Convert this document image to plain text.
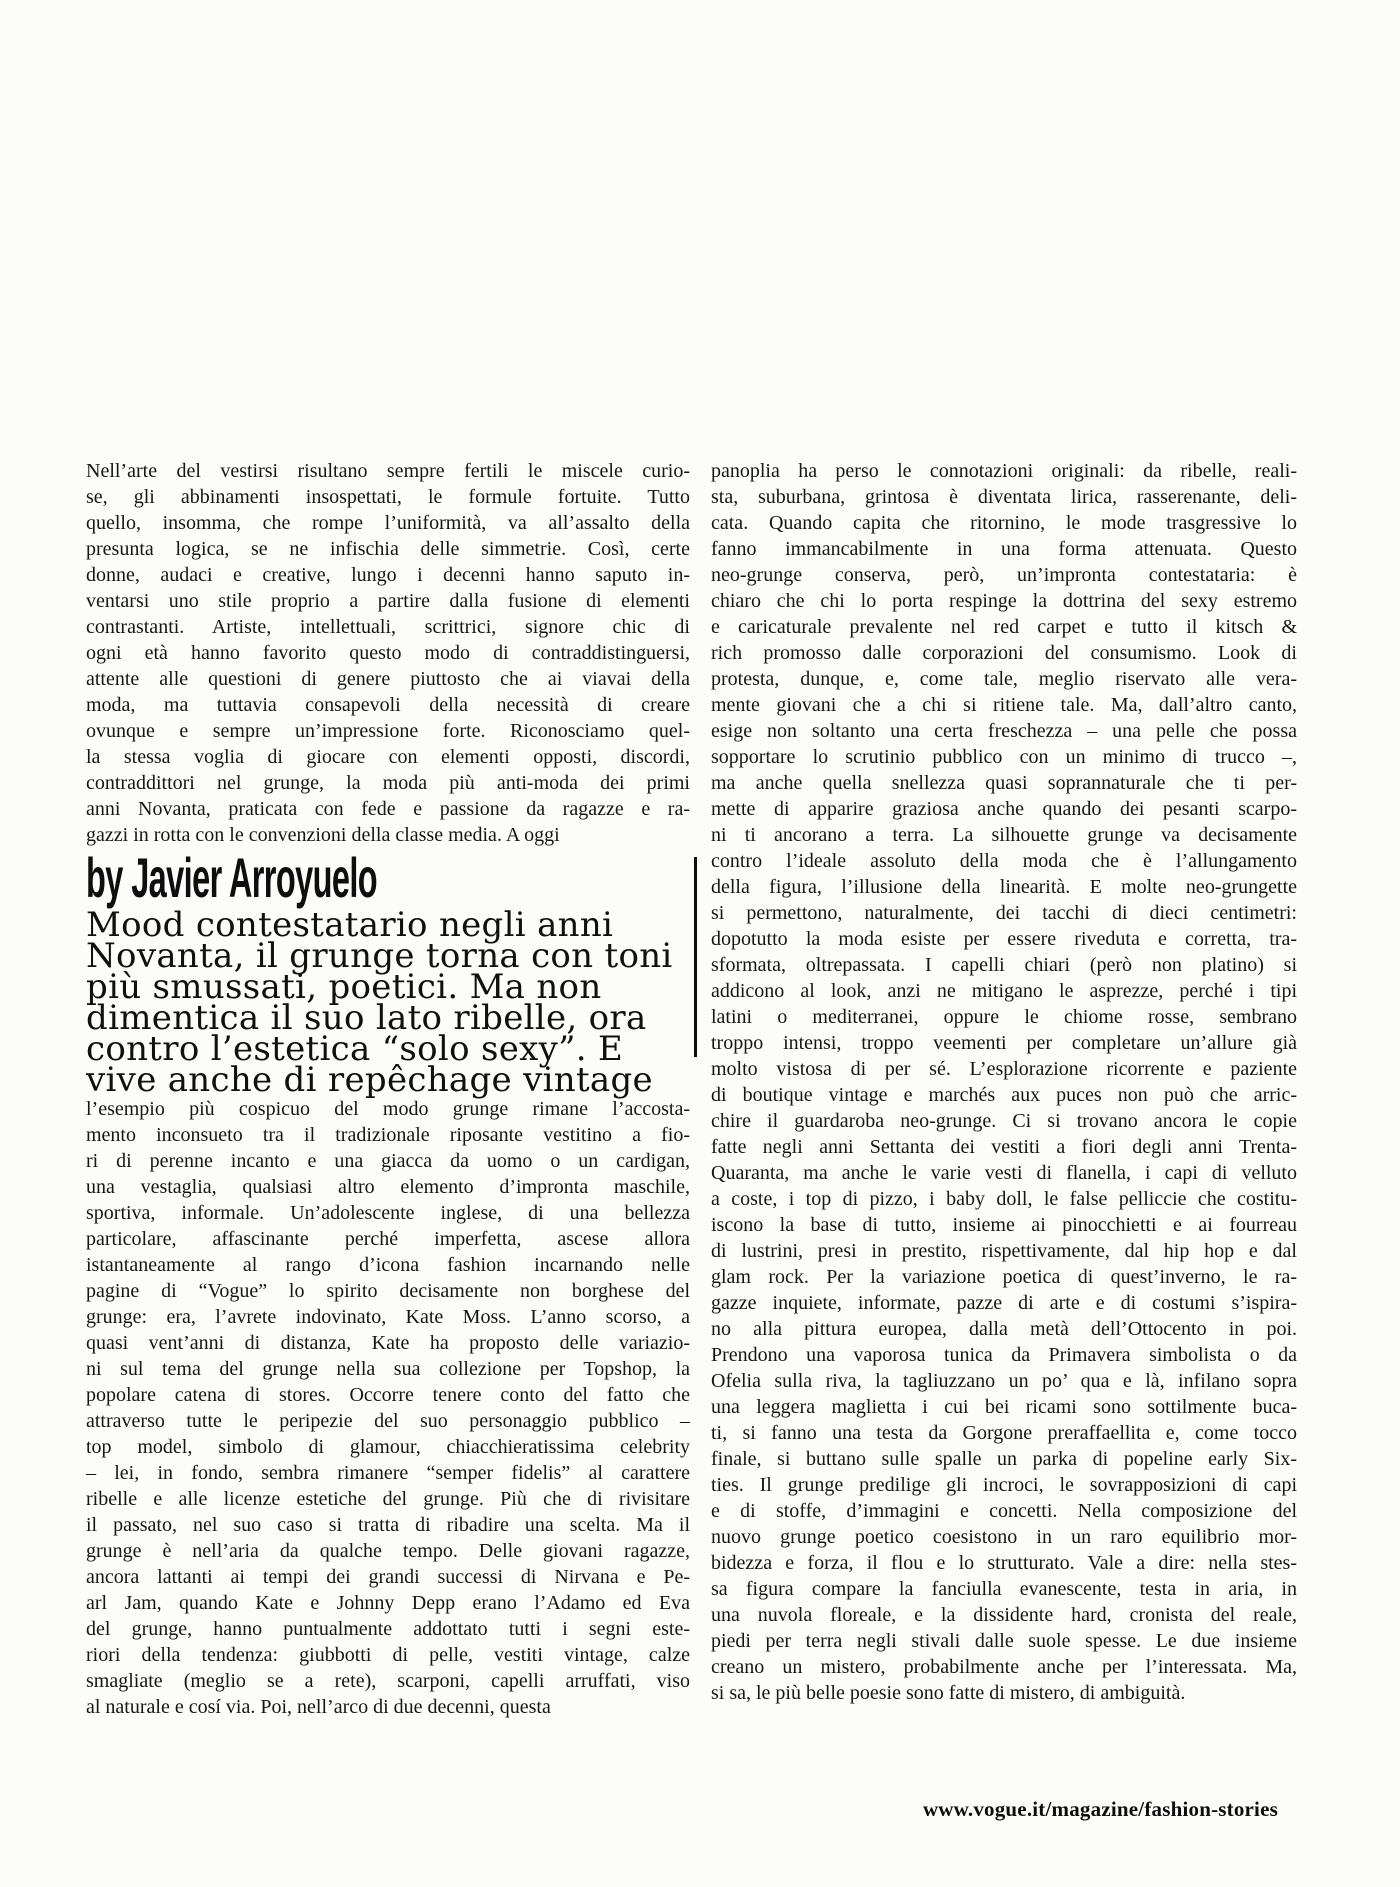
Nell’arte del vestirsi risultano sempre fertili le miscele curio-
se, gli abbinamenti insospettati, le formule fortuite. Tutto
quello, insomma, che rompe l’uniformità, va all’assalto della
presunta logica, se ne infischia delle simmetrie. Così, certe
donne, audaci e creative, lungo i decenni hanno saputo in-
ventarsi uno stile proprio a partire dalla fusione di elementi
contrastanti. Artiste, intellettuali, scrittrici, signore chic di
ogni età hanno favorito questo modo di contraddistinguersi,
attente alle questioni di genere piuttosto che ai viavai della
moda, ma tuttavia consapevoli della necessità di creare
ovunque e sempre un’impressione forte. Riconosciamo quel-
la stessa voglia di giocare con elementi opposti, discordi,
contraddittori nel grunge, la moda più anti-moda dei primi
anni Novanta, praticata con fede e passione da ragazze e ra-
gazzi in rotta con le convenzioni della classe media. A oggi
by Javier Arroyuelo
Mood contestatario negli anni
Novanta, il grunge torna con toni
più smussati, poetici. Ma non
dimentica il suo lato ribelle, ora
contro l’estetica “solo sexy”. E
vive anche di repêchage vintage
l’esempio più cospicuo del modo grunge rimane l’accosta-
mento inconsueto tra il tradizionale riposante vestitino a fio-
ri di perenne incanto e una giacca da uomo o un cardigan,
una vestaglia, qualsiasi altro elemento d’impronta maschile,
sportiva, informale. Un’adolescente inglese, di una bellezza
particolare, affascinante perché imperfetta, ascese allora
istantaneamente al rango d’icona fashion incarnando nelle
pagine di “Vogue” lo spirito decisamente non borghese del
grunge: era, l’avrete indovinato, Kate Moss. L’anno scorso, a
quasi vent’anni di distanza, Kate ha proposto delle variazio-
ni sul tema del grunge nella sua collezione per Topshop, la
popolare catena di stores. Occorre tenere conto del fatto che
attraverso tutte le peripezie del suo personaggio pubblico –
top model, simbolo di glamour, chiacchieratissima celebrity
– lei, in fondo, sembra rimanere “semper fidelis” al carattere
ribelle e alle licenze estetiche del grunge. Più che di rivisitare
il passato, nel suo caso si tratta di ribadire una scelta. Ma il
grunge è nell’aria da qualche tempo. Delle giovani ragazze,
ancora lattanti ai tempi dei grandi successi di Nirvana e Pe-
arl Jam, quando Kate e Johnny Depp erano l’Adamo ed Eva
del grunge, hanno puntualmente addottato tutti i segni este-
riori della tendenza: giubbotti di pelle, vestiti vintage, calze
smagliate (meglio se a rete), scarponi, capelli arruffati, viso
al naturale e cosí via. Poi, nell’arco di due decenni, questa
panoplia ha perso le connotazioni originali: da ribelle, reali-
sta, suburbana, grintosa è diventata lirica, rasserenante, deli-
cata. Quando capita che ritornino, le mode trasgressive lo
fanno immancabilmente in una forma attenuata. Questo
neo-grunge conserva, però, un’impronta contestataria: è
chiaro che chi lo porta respinge la dottrina del sexy estremo
e caricaturale prevalente nel red carpet e tutto il kitsch &
rich promosso dalle corporazioni del consumismo. Look di
protesta, dunque, e, come tale, meglio riservato alle vera-
mente giovani che a chi si ritiene tale. Ma, dall’altro canto,
esige non soltanto una certa freschezza – una pelle che possa
sopportare lo scrutinio pubblico con un minimo di trucco –,
ma anche quella snellezza quasi soprannaturale che ti per-
mette di apparire graziosa anche quando dei pesanti scarpo-
ni ti ancorano a terra. La silhouette grunge va decisamente
contro l’ideale assoluto della moda che è l’allungamento
della figura, l’illusione della linearità. E molte neo-grungette
si permettono, naturalmente, dei tacchi di dieci centimetri:
dopotutto la moda esiste per essere riveduta e corretta, tra-
sformata, oltrepassata. I capelli chiari (però non platino) si
addicono al look, anzi ne mitigano le asprezze, perché i tipi
latini o mediterranei, oppure le chiome rosse, sembrano
troppo intensi, troppo veementi per completare un’allure già
molto vistosa di per sé. L’esplorazione ricorrente e paziente
di boutique vintage e marchés aux puces non può che arric-
chire il guardaroba neo-grunge. Ci si trovano ancora le copie
fatte negli anni Settanta dei vestiti a fiori degli anni Trenta-
Quaranta, ma anche le varie vesti di flanella, i capi di velluto
a coste, i top di pizzo, i baby doll, le false pelliccie che costitu-
iscono la base di tutto, insieme ai pinocchietti e ai fourreau
di lustrini, presi in prestito, rispettivamente, dal hip hop e dal
glam rock. Per la variazione poetica di quest’inverno, le ra-
gazze inquiete, informate, pazze di arte e di costumi s’ispira-
no alla pittura europea, dalla metà dell’Ottocento in poi.
Prendono una vaporosa tunica da Primavera simbolista o da
Ofelia sulla riva, la tagliuzzano un po’ qua e là, infilano sopra
una leggera maglietta i cui bei ricami sono sottilmente buca-
ti, si fanno una testa da Gorgone preraffaellita e, come tocco
finale, si buttano sulle spalle un parka di popeline early Six-
ties. Il grunge predilige gli incroci, le sovrapposizioni di capi
e di stoffe, d’immagini e concetti. Nella composizione del
nuovo grunge poetico coesistono in un raro equilibrio mor-
bidezza e forza, il flou e lo strutturato. Vale a dire: nella stes-
sa figura compare la fanciulla evanescente, testa in aria, in
una nuvola floreale, e la dissidente hard, cronista del reale,
piedi per terra negli stivali dalle suole spesse. Le due insieme
creano un mistero, probabilmente anche per l’interessata. Ma,
si sa, le più belle poesie sono fatte di mistero, di ambiguità.
www.vogue.it/magazine/fashion-stories
